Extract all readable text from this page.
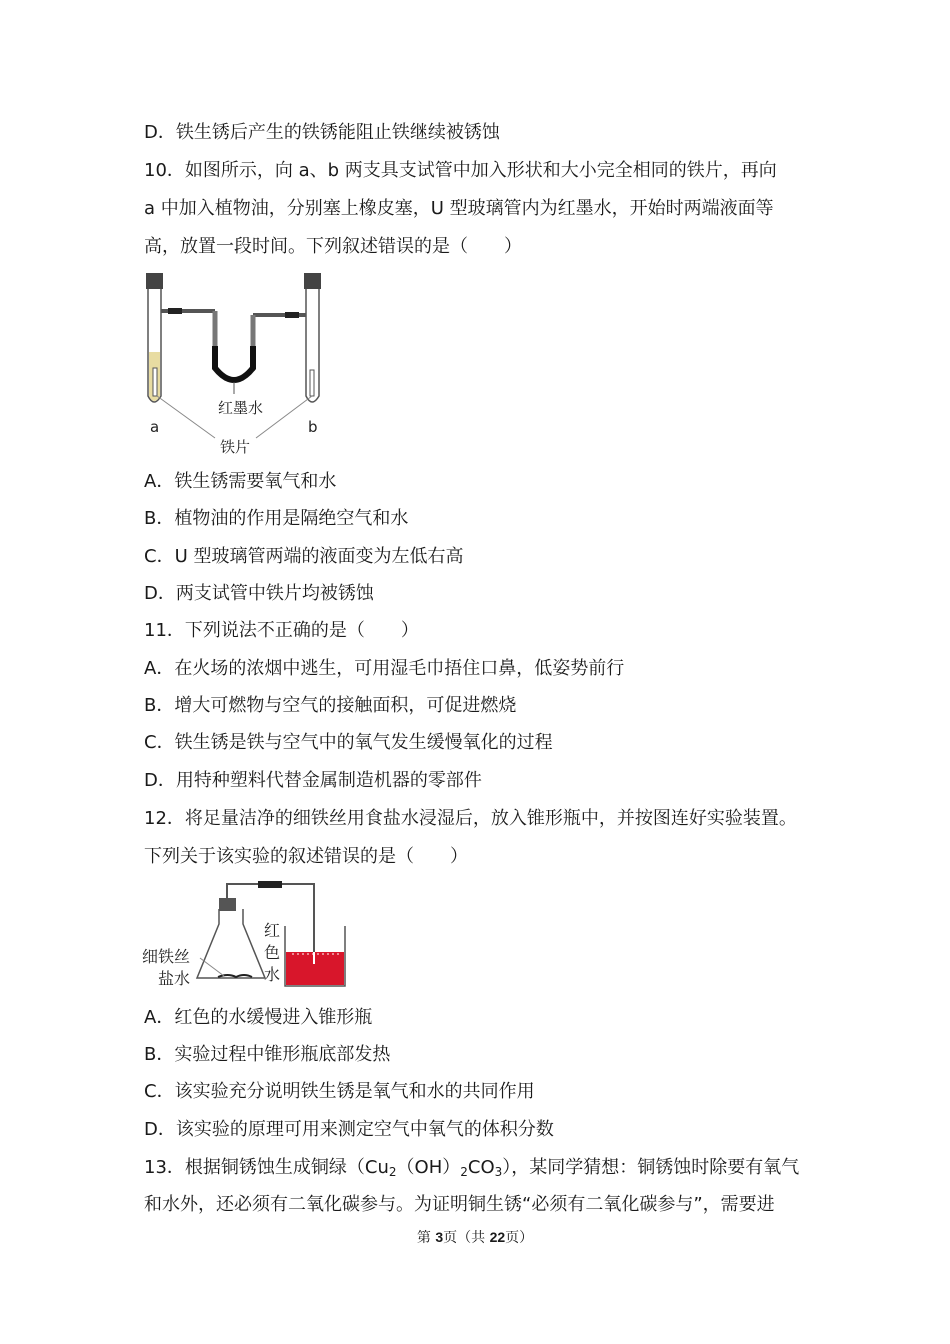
D．铁生锈后产生的铁锈能阻止铁继续被锈蚀
10．如图所示，向 a、b 两支具支试管中加入形状和大小完全相同的铁片，再向
a 中加入植物油，分别塞上橡皮塞，U 型玻璃管内为红墨水，开始时两端液面等
高，放置一段时间。下列叙述错误的是（　　）
红墨水
a	b
铁片
A．铁生锈需要氧气和水
B．植物油的作用是隔绝空气和水
C．U 型玻璃管两端的液面变为左低右高
D．两支试管中铁片均被锈蚀
11．下列说法不正确的是（　　）
A．在火场的浓烟中逃生，可用湿毛巾捂住口鼻，低姿势前行
B．增大可燃物与空气的接触面积，可促进燃烧
C．铁生锈是铁与空气中的氧气发生缓慢氧化的过程
D．用特种塑料代替金属制造机器的零部件
12．将足量洁净的细铁丝用食盐水浸湿后，放入锥形瓶中，并按图连好实验装置。
下列关于该实验的叙述错误的是（　　）
细铁丝
盐水
红
色
水
A．红色的水缓慢进入锥形瓶
B．实验过程中锥形瓶底部发热
C．该实验充分说明铁生锈是氧气和水的共同作用
D．该实验的原理可用来测定空气中氧气的体积分数
13．根据铜锈蚀生成铜绿$(Cu_2(OH)_2CO_3)$，某同学猜想：铜锈蚀时除要有氧气
和水外，还必须有二氧化碳参与。为证明铜生锈“必须有二氧化碳参与”，需要进
第 3页（共 22页）
